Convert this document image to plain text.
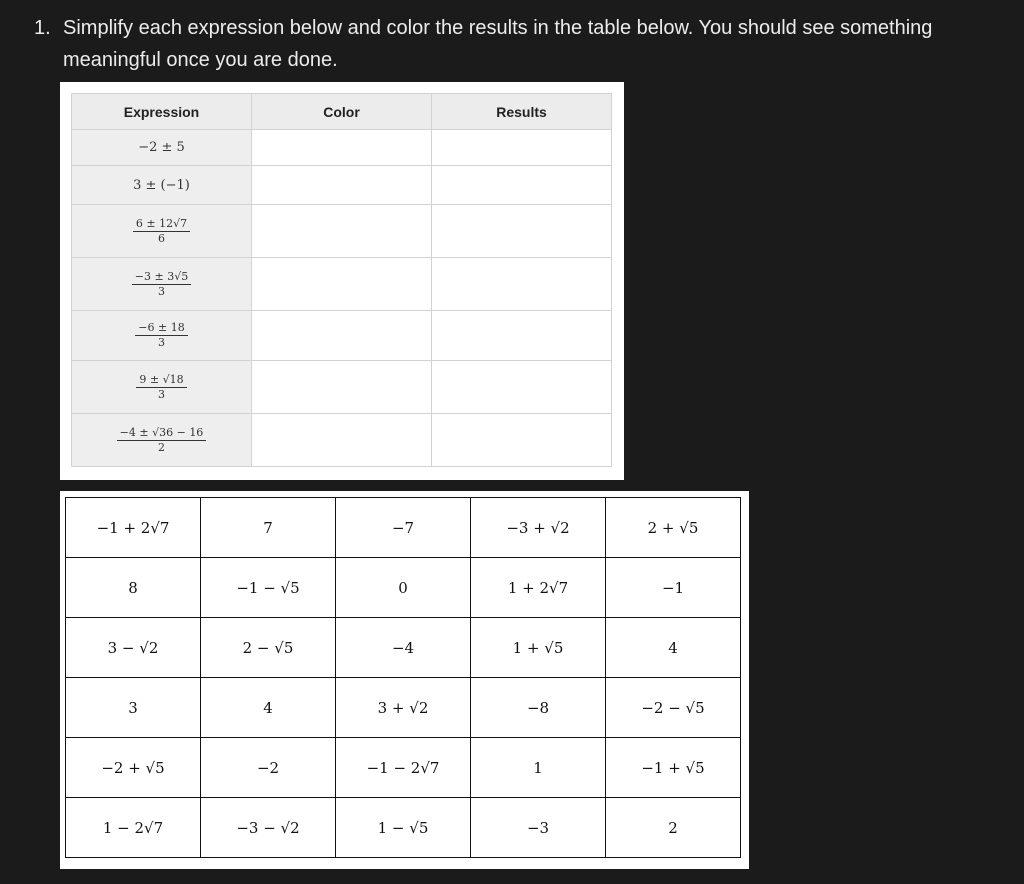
1. Simplify each expression below and color the results in the table below. You should see something meaningful once you are done.
Expression	Color	Results
−2 ± 5		
3 ± (−1)		

$\frac{6 \pm 12√7}{6}$

$\frac{-3 \pm 3√5}{3}$

$\frac{-6 \pm 18}{3}$

$\frac{9 \pm √18}{3}$

$\frac{-4 \pm √36 - 16}{2}$

−1 + 2√7	7	−7	−3 + √2	2 + √5
8	−1 − √5	0	1 + 2√7	−1
3 − √2	2 − √5	−4	1 + √5	4
3	4	3 + √2	−8	−2 − √5
−2 + √5	−2	−1 − 2√7	1	−1 + √5
1 − 2√7	−3 − √2	1 − √5	−3	2
